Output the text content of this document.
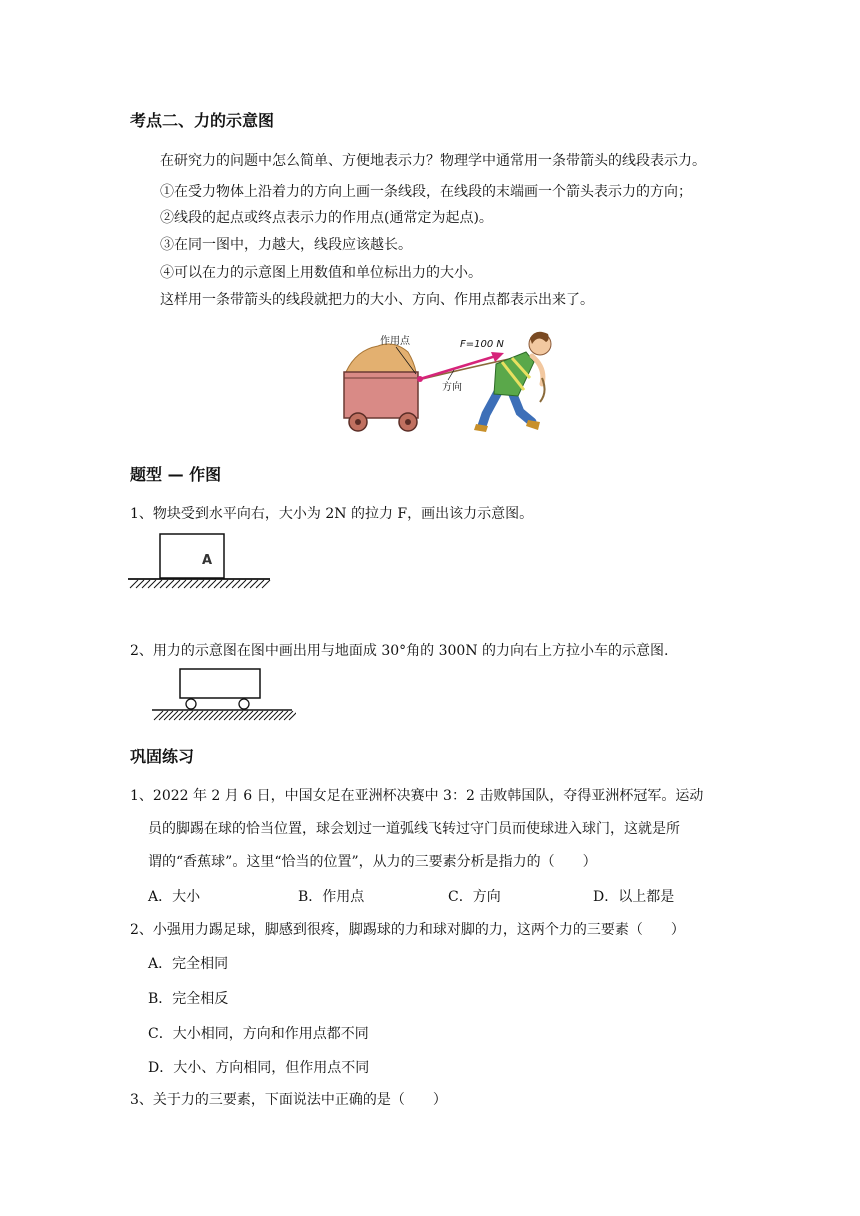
考点二、力的示意图
在研究力的问题中怎么简单、方便地表示力？物理学中通常用一条带箭头的线段表示力。
①在受力物体上沿着力的方向上画一条线段，在线段的末端画一个箭头表示力的方向；
②线段的起点或终点表示力的作用点(通常定为起点)。
③在同一图中，力越大，线段应该越长。
④可以在力的示意图上用数值和单位标出力的大小。
这样用一条带箭头的线段就把力的大小、方向、作用点都表示出来了。
作用点	F=100 N
方向
题型 — 作图
1、物块受到水平向右，大小为 2N 的拉力 F，画出该力示意图。
A
2、用力的示意图在图中画出用与地面成 30°角的 300N 的力向右上方拉小车的示意图.
巩固练习
1、2022 年 2 月 6 日，中国女足在亚洲杯决赛中 3：2 击败韩国队，夺得亚洲杯冠军。运动
员的脚踢在球的恰当位置，球会划过一道弧线飞转过守门员而使球进入球门，这就是所
谓的“香蕉球”。这里“恰当的位置”，从力的三要素分析是指力的（　　）
A．大小	B．作用点	C．方向	D．以上都是
2、小强用力踢足球，脚感到很疼，脚踢球的力和球对脚的力，这两个力的三要素（　　）
A．完全相同
B．完全相反
C．大小相同，方向和作用点都不同
D．大小、方向相同，但作用点不同
3、关于力的三要素，下面说法中正确的是（　　）
